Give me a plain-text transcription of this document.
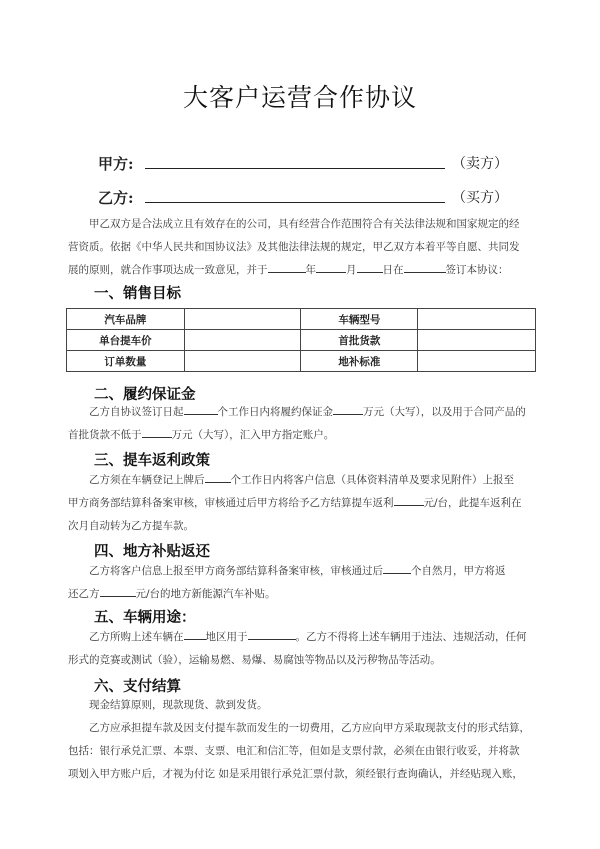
大客户运营合作协议
甲方:	（卖方）
乙方:	（买方）
甲乙双方是合法成立且有效存在的公司，具有经营合作范围符合有关法律法规和国家规定的经
营资质。依据《中华人民共和国协议法》及其他法律法规的规定，甲乙双方本着平等自愿、共同发
展的原则，就合作事项达成一致意见，并于	年	月 日在	签订本协议：
一、销售目标
汽车品牌		车辆型号	
单台提车价		首批货款	
订单数量		地补标准	
二、履约保证金
乙方自协议签订日起	个工作日内将履约保证金	万元（大写），以及用于合同产品的
首批货款不低于	万元（大写），汇入甲方指定账户。
三、提车返利政策
乙方须在车辆登记上牌后 个工作日内将客户信息（具体资料清单及要求见附件）上报至
甲方商务部结算科备案审核，审核通过后甲方将给予乙方结算提车返利	元/台，此提车返利在
次月自动转为乙方提车款。
四、地方补贴返还
乙方将客户信息上报至甲方商务部结算科备案审核，审核通过后	个自然月，甲方将返
还乙方	元/台的地方新能源汽车补贴。
五、车辆用途：
乙方所购上述车辆在 地区用于	。乙方不得将上述车辆用于违法、违规活动，任何
形式的竞赛或测试（验），运输易燃、易爆、易腐蚀等物品以及污秽物品等活动。
六、支付结算
现金结算原则，现款现货、款到发货。
乙方应承担提车款及因支付提车款而发生的一切费用，乙方应向甲方采取现款支付的形式结算，
包括：银行承兑汇票、本票、支票、电汇和信汇等，但如是支票付款，必须在由银行收妥，并将款
项划入甲方账户后，才视为付讫 如是采用银行承兑汇票付款，须经银行查询确认，并经贴现入账，
